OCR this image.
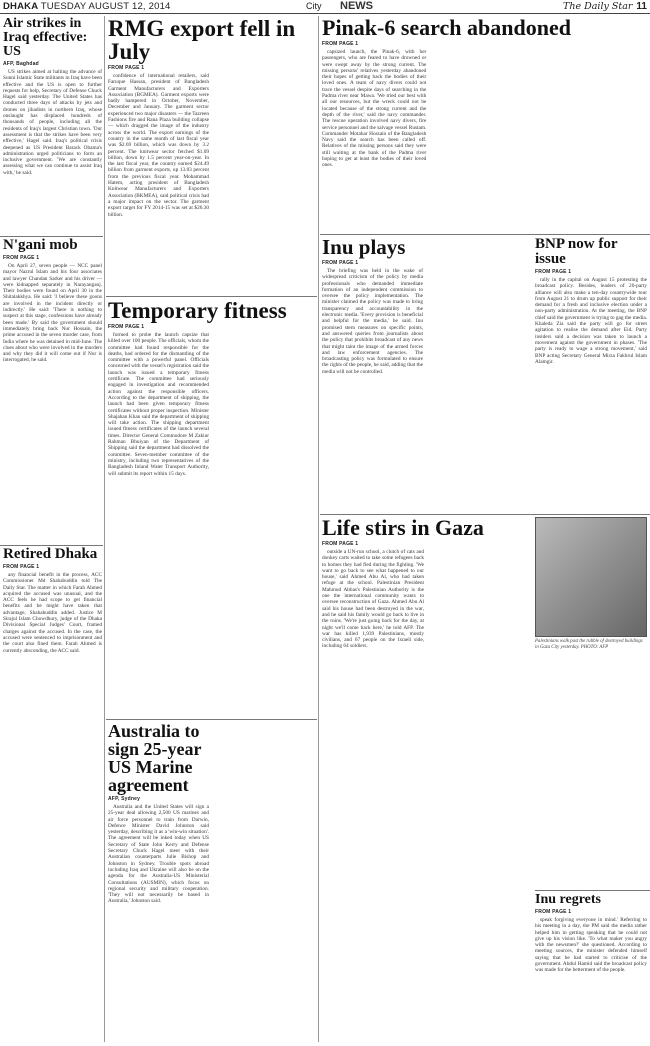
DHAKA TUESDAY AUGUST 12, 2014	City NEWS	The Daily Star 11
Air strikes in Iraq effective: US
AFP, Baghdad

US strikes aimed at halting the advance of Sunni Islamic State militants in Iraq have been effective and the US is open to further requests for help, Secretary of Defense Chuck Hagel said yesterday. The United States has conducted three days of attacks by jets and drones on jihadists in northern Iraq, whose onslaught has displaced hundreds of thousands of people, including all the residents of Iraq's largest Christian town. 'Our assessment is that the strikes have been very effective,' Hagel said. Iraq's political crisis deepened as US President Barack Obama's administration urged politicians to form an inclusive government. 'We are constantly assessing what we can continue to assist Iraq with,' he said.

N'gani mob
FROM PAGE 1

On April 27, seven people — NCC panel mayor Nazrul Islam and his four associates and lawyer Chandan Sarker and his driver — were kidnapped separately in Narayanganj. Their bodies were found on April 30 in the Shitalakkhya. He said: 'I believe these goons are involved in the incident directly or indirectly.' He said: 'There is nothing to suspect at this stage, confessions have already been made.' By said the government should immediately bring back Nur Hossain, the prime accused in the seven murder case, from India where he was detained in mid-June. The clues about who were involved in the murders and why they did it will come out if Nur is interrogated, he said.

Retired Dhaka
FROM PAGE 1

any financial benefit in the process, ACC Commissioner Md Shahabuddin told The Daily Star. The matter in which Farah Ahmed acquired the accused was unusual, and the ACC feels he had scope to get financial benefits and he might have taken that advantage, Shahabuddin added. Justice M Sirajul Islam Chowdhury, judge of the Dhaka Divisional Special Judges' Court, framed charges against the accused. In the case, the accused were sentenced to imprisonment and the court also fined them. Farah Ahmed is currently absconding, the ACC said.

RMG export fell in July
FROM PAGE 1

confidence of international retailers, said Faruque Hassan, president of Bangladesh Garment Manufacturers and Exporters Association (BGMEA). Garment exports were badly hampered in October, November, December and January. The garment sector experienced two major disasters — the Tazreen Fashions fire and Rana Plaza building collapse — which dragged the image of the industry across the world. The export earnings of the country in the same month of last fiscal year was $2.69 billion, which was down by 3.2 percent. The knitwear sector fetched $1.09 billion, down by 1.5 percent year-on-year. In the last fiscal year, the country earned $24.49 billion from garment exports, up 13.83 percent from the previous fiscal year. Mohammad Hatem, acting president of Bangladesh Knitwear Manufacturers and Exporters Association (BKMEA), said political crisis had a major impact on the sector. The garment export target for FY 2014-15 was set at $26.30 billion.

Temporary fitness
FROM PAGE 1

formed to probe the launch capsize that killed over 100 people. The officials, whom the committee had found responsible for the deaths, had ordered for the dismantling of the committee with a powerful panel. Officials concerned with the vessel's registration said the launch was issued a temporary fitness certificate. The committee had seriously engaged in investigation and recommended action against the responsible officers. According to the department of shipping, the launch had been given temporary fitness certificates without proper inspection. Minister Shajahan Khan said the department of shipping will take action. The shipping department issued fitness certificates of the launch several times. Director General Commodore M Zakiur Rahman Bhuiyan of the Department of Shipping said the department had dissolved the committee. Seven-member committee of the ministry, including two representatives of the Bangladesh Inland Water Transport Authority, will submit its report within 15 days.

Australia to sign 25-year US Marine agreement
AFP, Sydney

Australia and the United States will sign a 25-year deal allowing 2,500 US marines and air force personnel to train from Darwin, Defence Minister David Johnston said yesterday, describing it as a 'win-win situation'. The agreement will be inked today when US Secretary of State John Kerry and Defense Secretary Chuck Hagel meet with their Australian counterparts Julie Bishop and Johnston in Sydney. Trouble spots abroad including Iraq and Ukraine will also be on the agenda for the Australia-US Ministerial Consultations (AUSMIN), which focus on regional security and military cooperation. 'They will not necessarily be based in Australia,' Johnston said.

Pinak-6 search abandoned
FROM PAGE 1

capsized launch, the Pinak-6, with her passengers, who are feared to have drowned or were swept away by the strong current. The missing persons' relatives yesterday abandoned their hopes of getting back the bodies of their loved ones. A team of navy divers could not trace the vessel despite days of searching in the Padma river near Mawa. 'We tried our best with all our resources, but the wreck could not be located because of the strong current and the depth of the river,' said the navy commander. The rescue operation involved navy divers, fire service personnel and the salvage vessel Rustam. Commander Motahar Hossain of the Bangladesh Navy said the search has been called off. Relatives of the missing persons said they were still waiting at the bank of the Padma river hoping to get at least the bodies of their loved ones.

Inu plays
FROM PAGE 1

The briefing was held in the wake of widespread criticism of the policy by media professionals who demanded immediate formation of an independent commission to oversee the policy implementation. The minister claimed the policy was made to bring transparency and accountability in the electronic media. 'Every provision is beneficial and helpful for the media,' he said. Inu promised stern measures on specific points, and answered queries from journalists about the policy that prohibits broadcast of any news that might taint the image of the armed forces and law enforcement agencies. The broadcasting policy was formulated to ensure the rights of the people, he said, adding that the media will not be controlled.

BNP now for issue
FROM PAGE 1

rally in the capital on August 15 protesting the broadcast policy. Besides, leaders of 20-party alliance will also make a ten-day countrywide tour from August 21 to drum up public support for their demand for a fresh and inclusive election under a non-party administration. At the meeting, the BNP chief said the government is trying to gag the media. Khaleda Zia said the party will go for street agitation to realise the demand after Eid. Party insiders said a decision was taken to launch a movement against the government in phases. 'The party is ready to wage a strong movement,' said BNP acting Secretary General Mirza Fakhrul Islam Alamgir.

Life stirs in Gaza
FROM PAGE 1

outside a UN-run school, a clutch of cats and donkey carts waited to take some refugees back to homes they had fled during the fighting. 'We want to go back to see what happened to our house,' said Ahmed Abu Al, who had taken refuge at the school. Palestinian President Mahmud Abbas's Palestinian Authority is the one the international community wants to oversee reconstruction of Gaza. Ahmed Abu Al said his house had been destroyed in the war, and he said his family would go back to live in the ruins. 'We're just going back for the day, at night we'll come back here,' he told AFP. The war has killed 1,939 Palestinians, mostly civilians, and 67 people on the Israeli side, including 64 soldiers.

Palestinians walk past the rubble of destroyed buildings in Gaza City yesterday. PHOTO: AFP
Inu regrets
FROM PAGE 1

speak forgiving everyone in mind.' Referring to his meeting in a day, the PM said the media rather helped him in getting speaking that he could not give up his vision like. 'To what maker you angry with the newsmen?' she questioned. According to meeting sources, the minister defended himself saying that he had started to criticise of the government. Abdul Hamid said the broadcast policy was made for the betterment of the people.
